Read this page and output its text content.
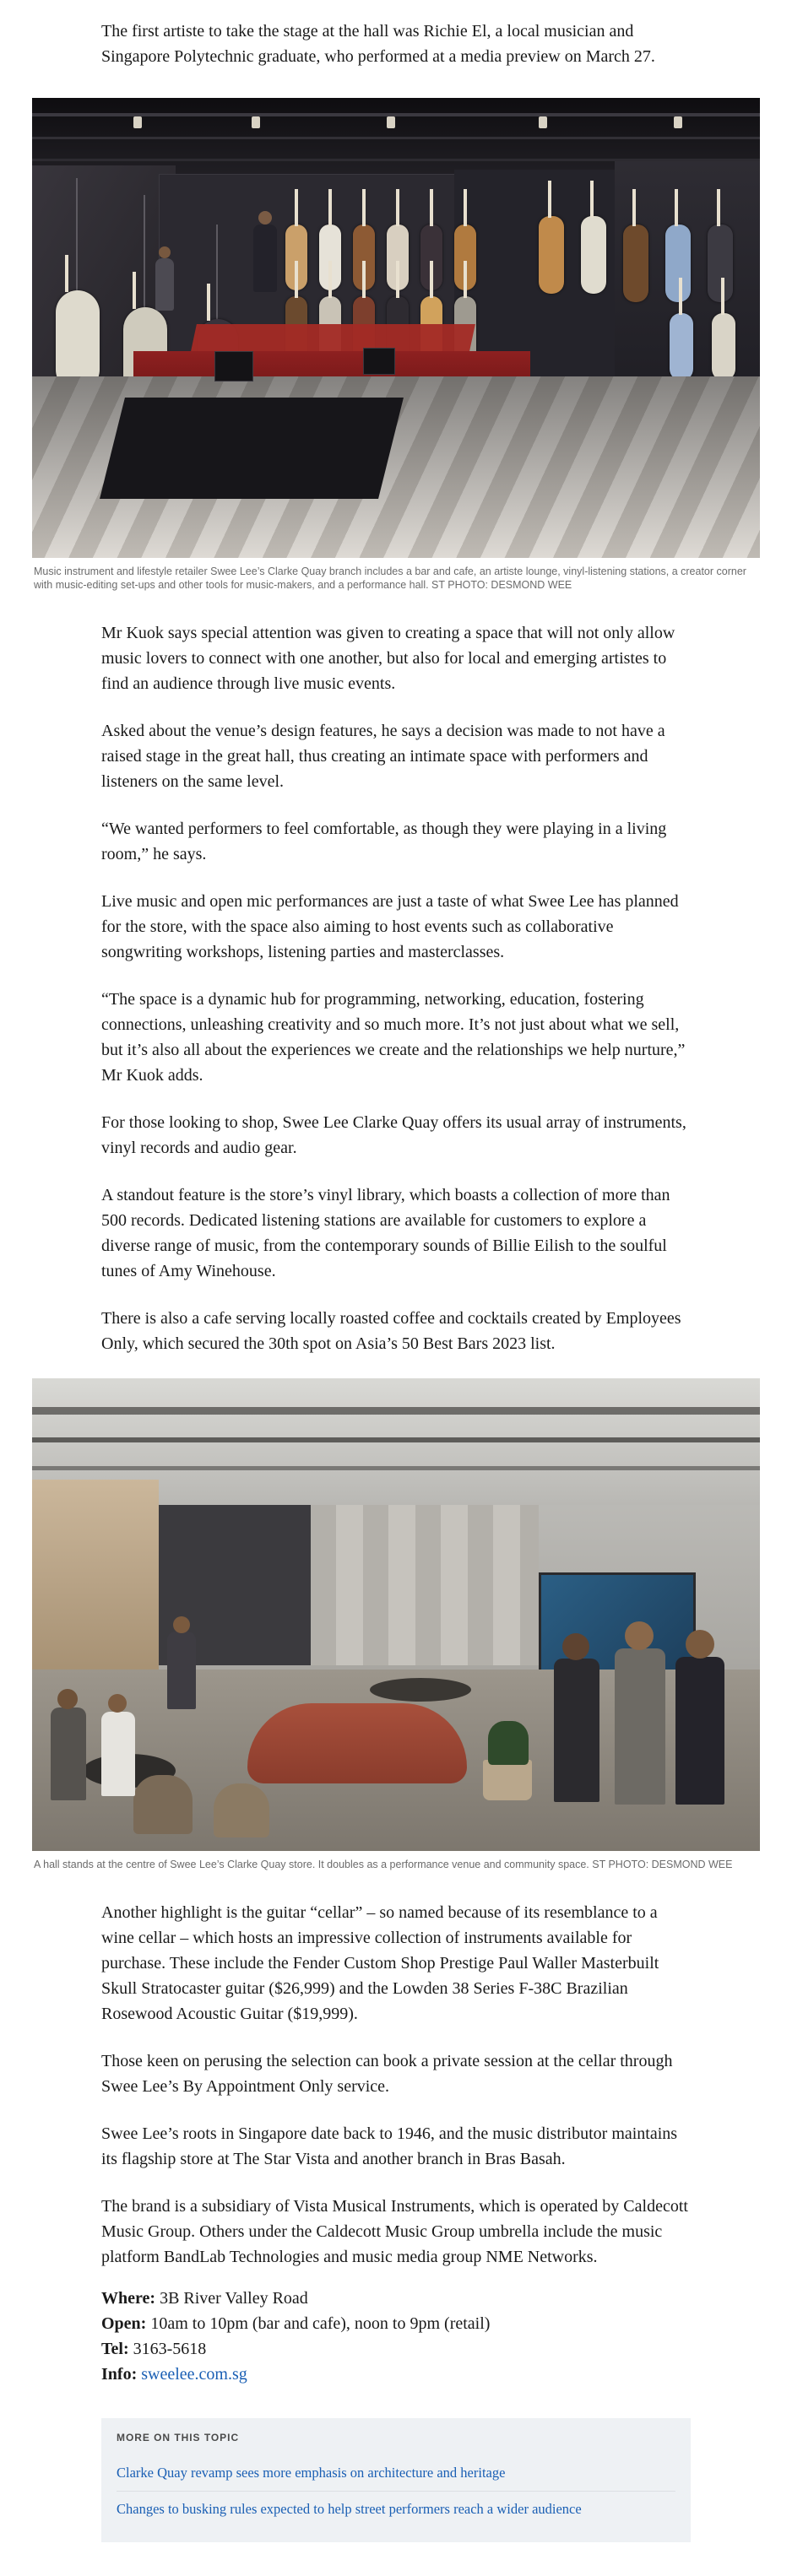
The first artiste to take the stage at the hall was Richie El, a local musician and Singapore Polytechnic graduate, who performed at a media preview on March 27.

Music instrument and lifestyle retailer Swee Lee’s Clarke Quay branch includes a bar and cafe, an artiste lounge, vinyl-listening stations, a creator corner with music-editing set-ups and other tools for music-makers, and a performance hall. ST PHOTO: DESMOND WEE

Mr Kuok says special attention was given to creating a space that will not only allow music lovers to connect with one another, but also for local and emerging artistes to find an audience through live music events.

Asked about the venue’s design features, he says a decision was made to not have a raised stage in the great hall, thus creating an intimate space with performers and listeners on the same level.

“We wanted performers to feel comfortable, as though they were playing in a living room,” he says.

Live music and open mic performances are just a taste of what Swee Lee has planned for the store, with the space also aiming to host events such as collaborative songwriting workshops, listening parties and masterclasses.

“The space is a dynamic hub for programming, networking, education, fostering connections, unleashing creativity and so much more. It’s not just about what we sell, but it’s also all about the experiences we create and the relationships we help nurture,” Mr Kuok adds.

For those looking to shop, Swee Lee Clarke Quay offers its usual array of instruments, vinyl records and audio gear.

A standout feature is the store’s vinyl library, which boasts a collection of more than 500 records. Dedicated listening stations are available for customers to explore a diverse range of music, from the contemporary sounds of Billie Eilish to the soulful tunes of Amy Winehouse.

There is also a cafe serving locally roasted coffee and cocktails created by Employees Only, which secured the 30th spot on Asia’s 50 Best Bars 2023 list.

A hall stands at the centre of Swee Lee’s Clarke Quay store. It doubles as a performance venue and community space. ST PHOTO: DESMOND WEE

Another highlight is the guitar “cellar” – so named because of its resemblance to a wine cellar – which hosts an impressive collection of instruments available for purchase. These include the Fender Custom Shop Prestige Paul Waller Masterbuilt Skull Stratocaster guitar ($26,999) and the Lowden 38 Series F-38C Brazilian Rosewood Acoustic Guitar ($19,999).

Those keen on perusing the selection can book a private session at the cellar through Swee Lee’s By Appointment Only service.

Swee Lee’s roots in Singapore date back to 1946, and the music distributor maintains its flagship store at The Star Vista and another branch in Bras Basah.

The brand is a subsidiary of Vista Musical Instruments, which is operated by Caldecott Music Group. Others under the Caldecott Music Group umbrella include the music platform BandLab Technologies and music media group NME Networks.

Where: 3B River Valley Road
Open: 10am to 10pm (bar and cafe), noon to 9pm (retail)
Tel: 3163-5618
Info: sweelee.com.sg
MORE ON THIS TOPIC
Clarke Quay revamp sees more emphasis on architecture and heritage
Changes to busking rules expected to help street performers reach a wider audience
